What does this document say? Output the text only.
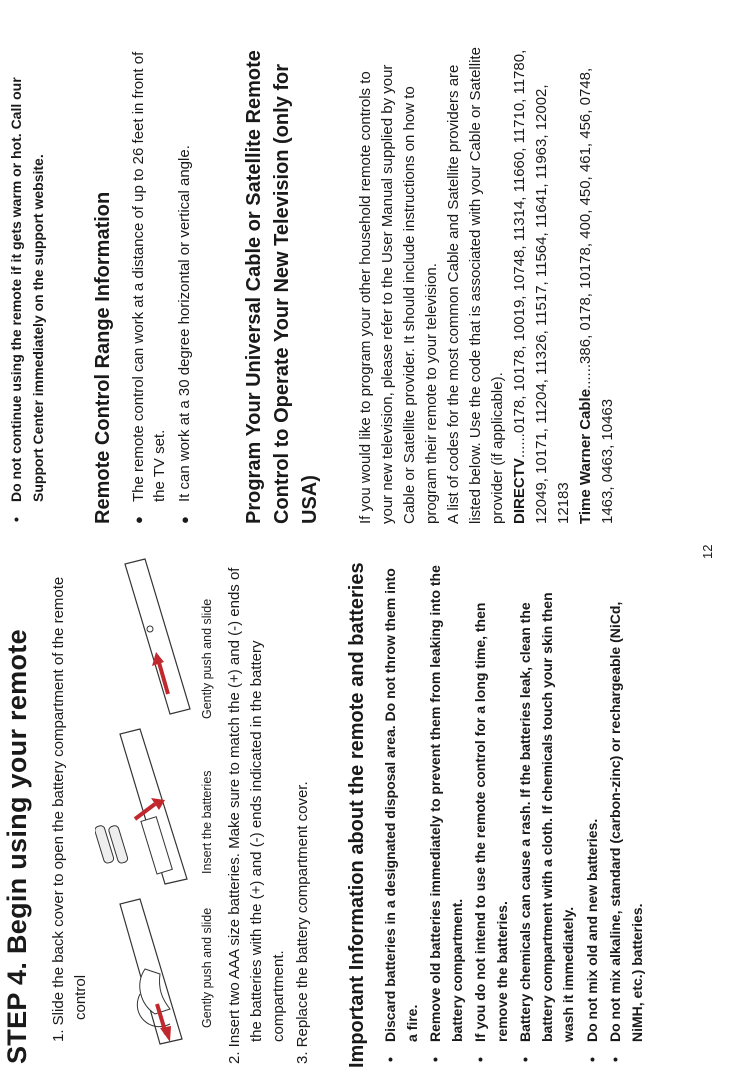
STEP 4. Begin using your remote 1. Slide the back cover to open the battery compartment of the remote control	Gently push and slide
Insert the batteries
Gently push and slide 2. Insert two AAA size batteries. Make sure to match the (+) and (-) ends of the batteries with the (+) and (-) ends indicated in the battery compartment. 3. Replace the battery compartment cover. Important Information about the remote and batteries • Discard batteries in a designated disposal area. Do not throw them into a fire. • Remove old batteries immediately to prevent them from leaking into the battery compartment. • If you do not intend to use the remote control for a long time, then remove the batteries. • Battery chemicals can cause a rash. If the batteries leak, clean the battery compartment with a cloth. If chemicals touch your skin then wash it immediately. • Do not mix old and new batteries. • Do not mix alkaline, standard (carbon-zinc) or rechargeable (NiCd, NiMH, etc.) batteries.
12
• Do not continue using the remote if it gets warm or hot. Call our Support Center immediately on the support website. Remote Control Range Information ● The remote control can work at a distance of up to 26 feet in front of the TV set. ● It can work at a 30 degree horizontal or vertical angle.	Program Your Universal Cable or Satellite Remote Control to Operate Your New Television (only for USA) If you would like to program your other household remote controls to your new television, please refer to the User Manual supplied by your Cable or Satellite provider. It should include instructions on how to program their remote to your television. A list of codes for the most common Cable and Satellite providers are listed below. Use the code that is associated with your Cable or Satellite provider (if applicable). DIRECTV......0178, 10178, 10019, 10748, 11314, 11660, 11710, 11780, 12049, 10171, 11204, 11326, 11517, 11564, 11641, 11963, 12002, 12183 Time Warner Cable......386, 0178, 10178, 400, 450, 461, 456, 0748, 1463, 0463, 10463
